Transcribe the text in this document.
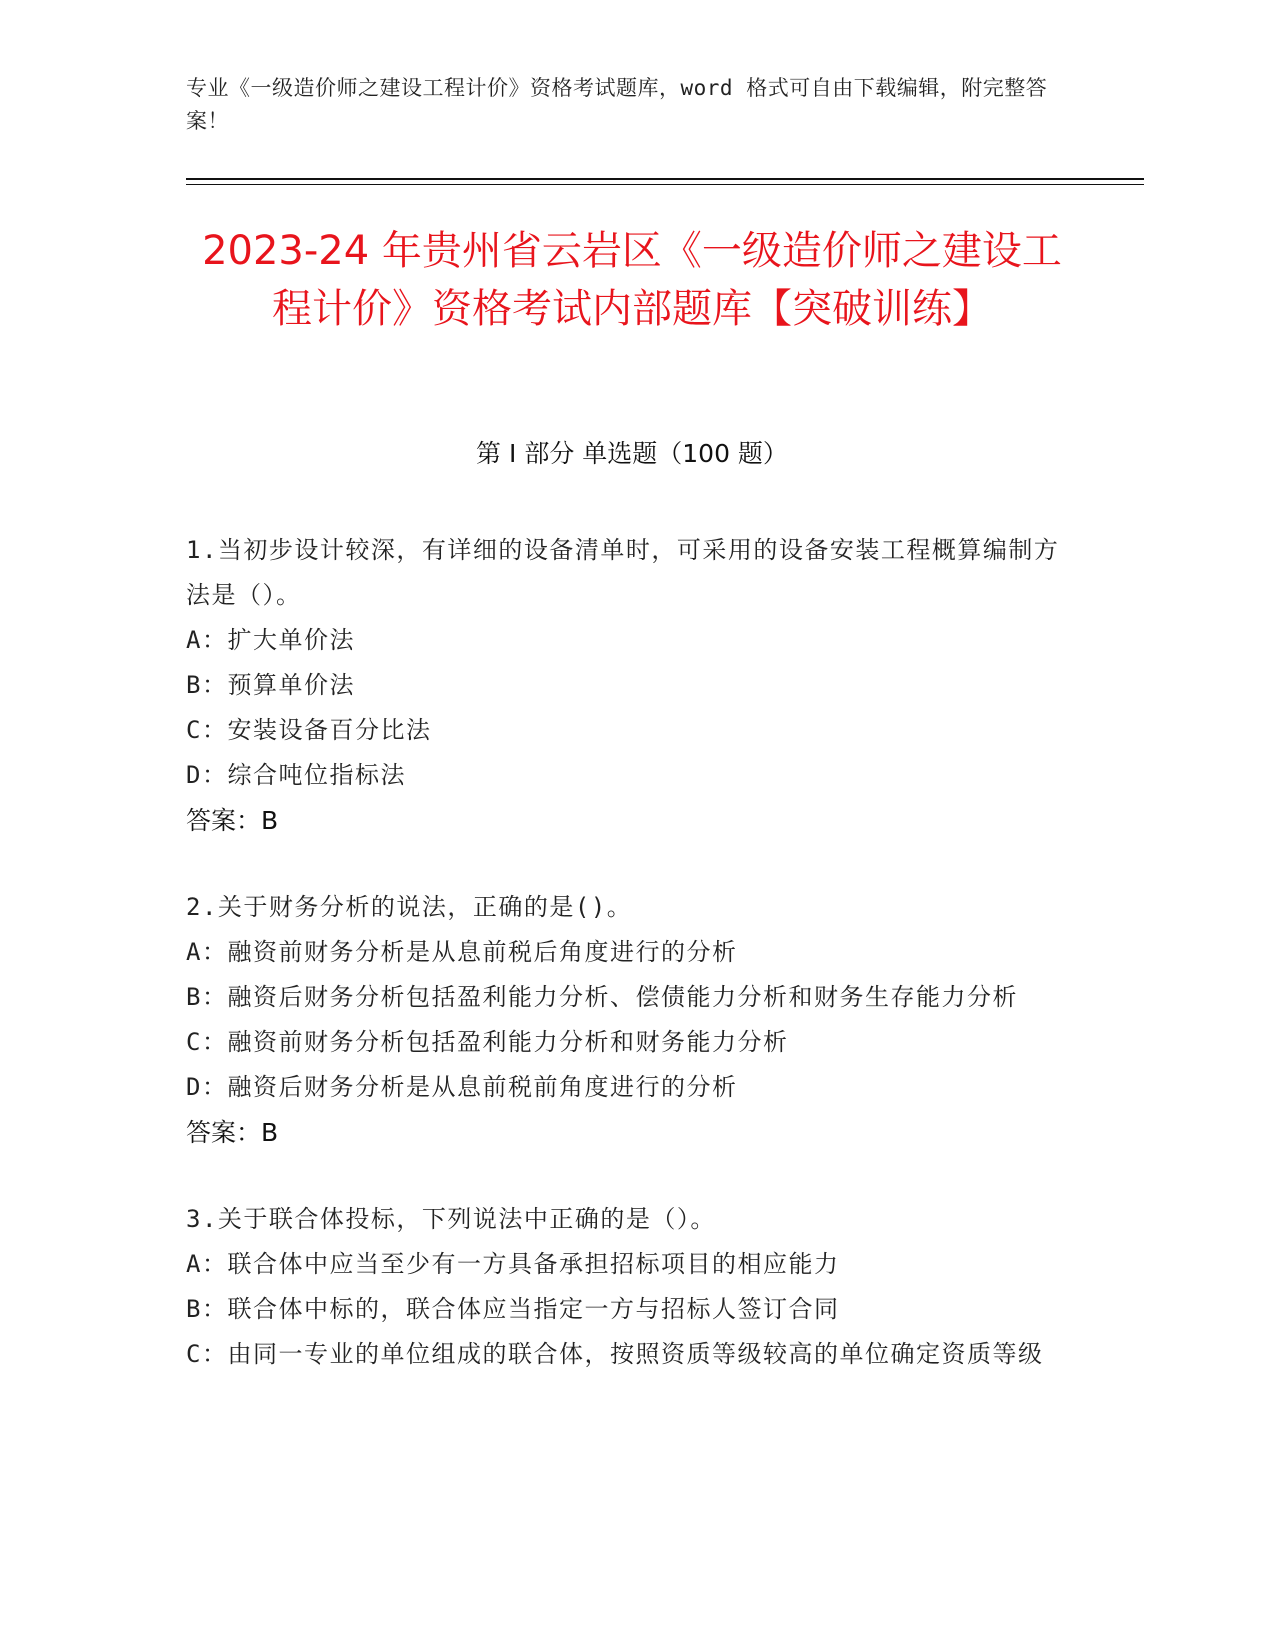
专业《一级造价师之建设工程计价》资格考试题库，word 格式可自由下载编辑，附完整答案！
2023-24 年贵州省云岩区《一级造价师之建设工程计价》资格考试内部题库【突破训练】
第 I 部分 单选题（100 题）
1.当初步设计较深，有详细的设备清单时，可采用的设备安装工程概算编制方法是（）。
A：扩大单价法
B：预算单价法
C：安装设备百分比法
D：综合吨位指标法
答案：B
2.关于财务分析的说法，正确的是()。
A：融资前财务分析是从息前税后角度进行的分析
B：融资后财务分析包括盈利能力分析、偿债能力分析和财务生存能力分析
C：融资前财务分析包括盈利能力分析和财务能力分析
D：融资后财务分析是从息前税前角度进行的分析
答案：B
3.关于联合体投标，下列说法中正确的是（）。
A：联合体中应当至少有一方具备承担招标项目的相应能力
B：联合体中标的，联合体应当指定一方与招标人签订合同
C：由同一专业的单位组成的联合体，按照资质等级较高的单位确定资质等级
